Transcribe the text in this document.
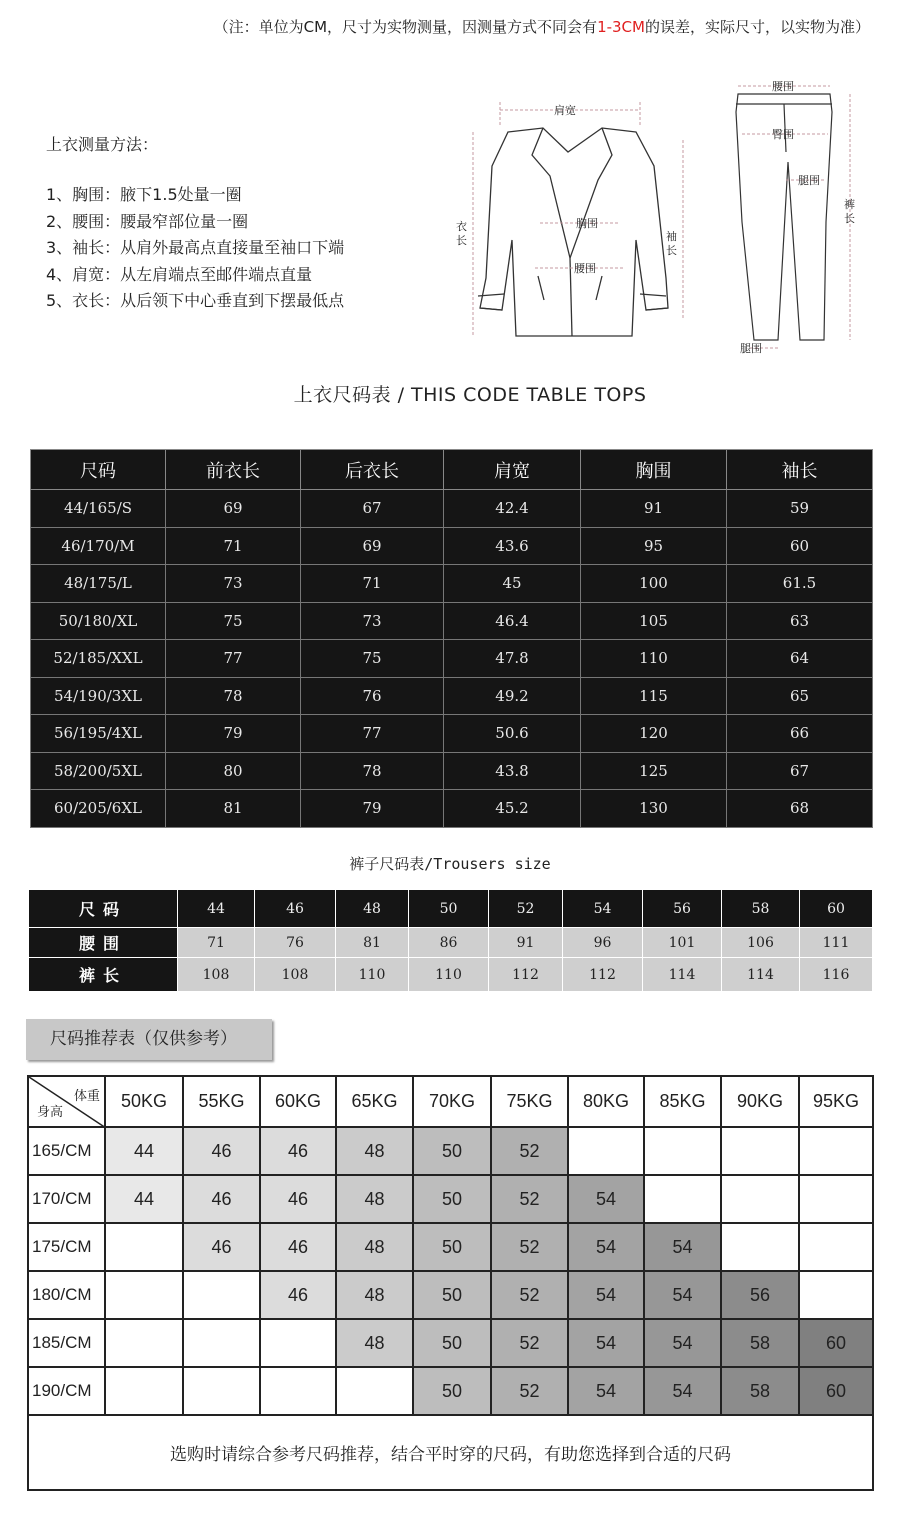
（注：单位为CM，尺寸为实物测量，因测量方式不同会有1-3CM的误差，实际尺寸，以实物为准）
上衣测量方法：
1、胸围：腋下1.5处量一圈
2、腰围：腰最窄部位量一圈
3、袖长：从肩外最高点直接量至袖口下端
4、肩宽：从左肩端点至邮件端点直量
5、衣长：从后领下中心垂直到下摆最低点
肩宽
胸围
腰围
衣
长	袖
长
腰围
臀围
腿围
裤
长
腿围
上衣尺码表 / THIS CODE TABLE TOPS
尺码	前衣长	后衣长	肩宽	胸围	袖长
44/165/S	69	67	42.4	91	59
46/170/M	71	69	43.6	95	60
48/175/L	73	71	45	100	61.5
50/180/XL	75	73	46.4	105	63
52/185/XXL	77	75	47.8	110	64
54/190/3XL	78	76	49.2	115	65
56/195/4XL	79	77	50.6	120	66
58/200/5XL	80	78	43.8	125	67
60/205/6XL	81	79	45.2	130	68
裤子尺码表/Trousers size
尺码	44	46	48	50	52	54	56	58	60
腰围	71	76	81	86	91	96	101	106	111
裤长	108	108	110	110	112	112	114	114	116
尺码推荐表（仅供参考）
体重
身高	50KG	55KG	60KG	65KG	70KG	75KG	80KG	85KG	90KG	95KG
165/CM	44	46	46	48	50	52				
170/CM	44	46	46	48	50	52	54			
175/CM		46	46	48	50	52	54	54		
180/CM			46	48	50	52	54	54	56	
185/CM				48	50	52	54	54	58	60
190/CM					50	52	54	54	58	60
选购时请综合参考尺码推荐，结合平时穿的尺码，有助您选择到合适的尺码										
